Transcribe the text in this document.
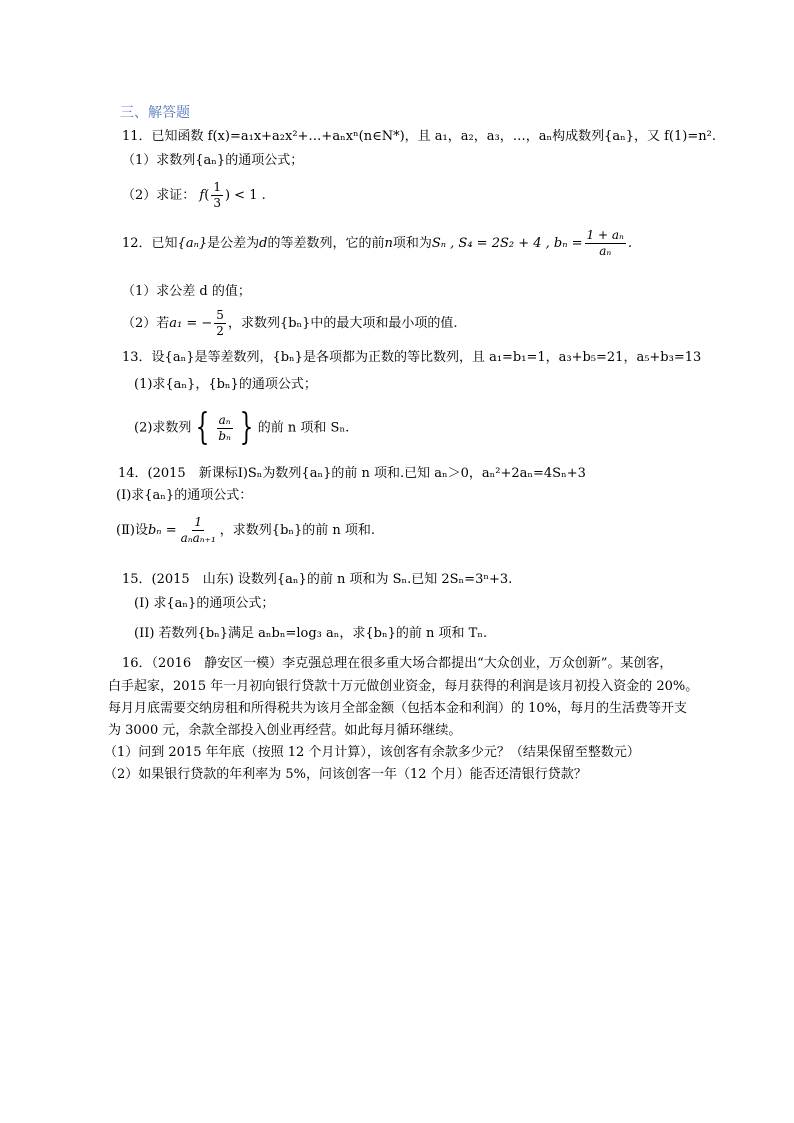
三、解答题
11．已知函数 f(x)=a₁x+a₂x²+…+aₙxⁿ(n∈N*)，且 a₁，a₂，a₃，…，aₙ构成数列{aₙ}，又 f(1)=n².
（1）求数列{aₙ}的通项公式；
（2）求证： $f( \frac{1}{3}$ ) < 1 .
12．已知{aₙ}是公差为d的等差数列，它的前n项和为Sₙ , S₄ = 2S₂ + 4 , $b_n = \frac{\text{1 + aₙ}}{\text{aₙ}}$ .
（1）求公差 d 的值；
（2）若a₁ = − $\frac{5}{2}$ ，求数列{bₙ}中的最大项和最小项的值.
13．设{aₙ}是等差数列，{bₙ}是各项都为正数的等比数列，且 a₁=b₁=1，a₃+b₅=21，a₅+b₃=13
(1)求{aₙ}，{bₙ}的通项公式；
(2)求数列 { $\frac{\text{aₙ}}{\text{bₙ}}$ } 的前 n 项和 Sₙ.
14．(2015　新课标Ⅰ)Sₙ为数列{aₙ}的前 n 项和.已知 aₙ＞0，aₙ²+2aₙ=4Sₙ+3
(Ⅰ)求{aₙ}的通项公式：
(Ⅱ)设$b_n = \frac{1}{\text{aₙaₙ₊₁}}$ ，求数列{bₙ}的前 n 项和.
15．(2015　山东) 设数列{aₙ}的前 n 项和为 Sₙ.已知 2Sₙ=3ⁿ+3.
(I) 求{aₙ}的通项公式；
(II) 若数列{bₙ}满足 aₙbₙ=log₃ aₙ，求{bₙ}的前 n 项和 Tₙ.
16．（2016　静安区一模）李克强总理在很多重大场合都提出“大众创业，万众创新”。某创客，
白手起家，2015 年一月初向银行贷款十万元做创业资金，每月获得的利润是该月初投入资金的 20%。
每月月底需要交纳房租和所得税共为该月全部金额（包括本金和利润）的 10%，每月的生活费等开支
为 3000 元，余款全部投入创业再经营。如此每月循环继续。
（1）问到 2015 年年底（按照 12 个月计算），该创客有余款多少元？（结果保留至整数元）
（2）如果银行贷款的年利率为 5%，问该创客一年（12 个月）能否还清银行贷款？
